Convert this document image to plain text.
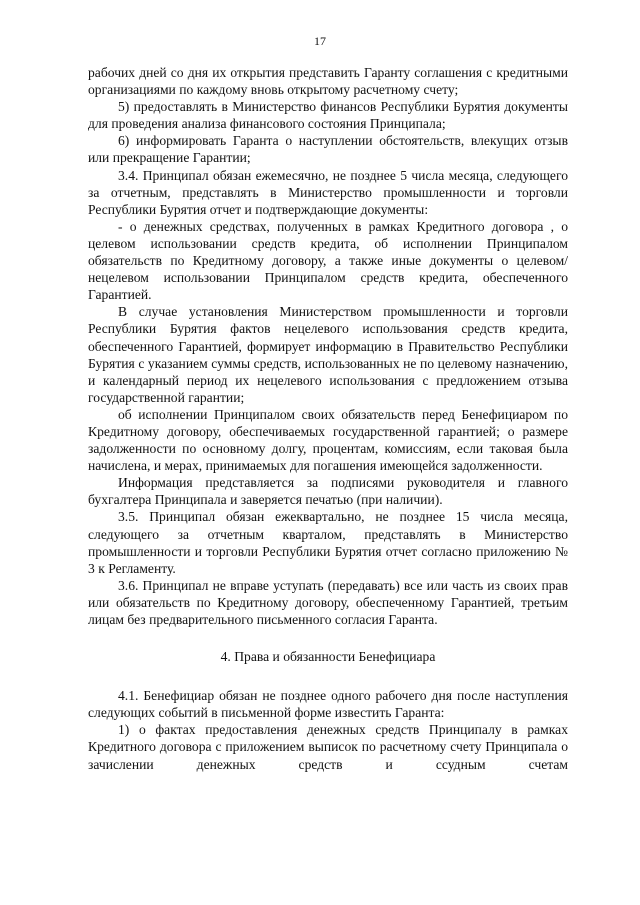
17

рабочих дней со дня их открытия представить Гаранту соглашения с кредитными организациями по каждому вновь открытому расчетному счету;

5) предоставлять в Министерство финансов Республики Бурятия документы для проведения анализа финансового состояния Принципала;

6) информировать Гаранта о наступлении обстоятельств, влекущих отзыв или прекращение Гарантии;

3.4. Принципал обязан ежемесячно, не позднее 5 числа месяца, следующего за отчетным, представлять в Министерство промышленности и торговли Республики Бурятия отчет и подтверждающие документы:

- о денежных средствах, полученных в рамках Кредитного договора , о целевом использовании средств кредита, об исполнении Принципалом обязательств по Кредитному договору, а также иные документы о целевом/нецелевом использовании Принципалом средств кредита, обеспеченного Гарантией.

В случае установления Министерством промышленности и торговли Республики Бурятия фактов нецелевого использования средств кредита, обеспеченного Гарантией, формирует информацию в Правительство Республики Бурятия с указанием суммы средств, использованных не по целевому назначению, и календарный период их нецелевого использования с предложением отзыва государственной гарантии;

об исполнении Принципалом своих обязательств перед Бенефициаром по Кредитному договору, обеспечиваемых государственной гарантией; о размере задолженности по основному долгу, процентам, комиссиям, если таковая была начислена, и мерах, принимаемых для погашения имеющейся задолженности.

Информация представляется за подписями руководителя и главного бухгалтера Принципала и заверяется печатью (при наличии).

3.5. Принципал обязан ежеквартально, не позднее 15 числа месяца, следующего за отчетным кварталом, представлять в Министерство промышленности и торговли Республики Бурятия отчет согласно приложению № 3 к Регламенту.

3.6. Принципал не вправе уступать (передавать) все или часть из своих прав или обязательств по Кредитному договору, обеспеченному Гарантией, третьим лицам без предварительного письменного согласия Гаранта.

4. Права и обязанности Бенефициара

4.1. Бенефициар обязан не позднее одного рабочего дня после наступления следующих событий в письменной форме известить Гаранта:

1) о фактах предоставления денежных средств Принципалу в рамках Кредитного договора с приложением выписок по расчетному счету Принципала о зачислении денежных средств и ссудным счетам
